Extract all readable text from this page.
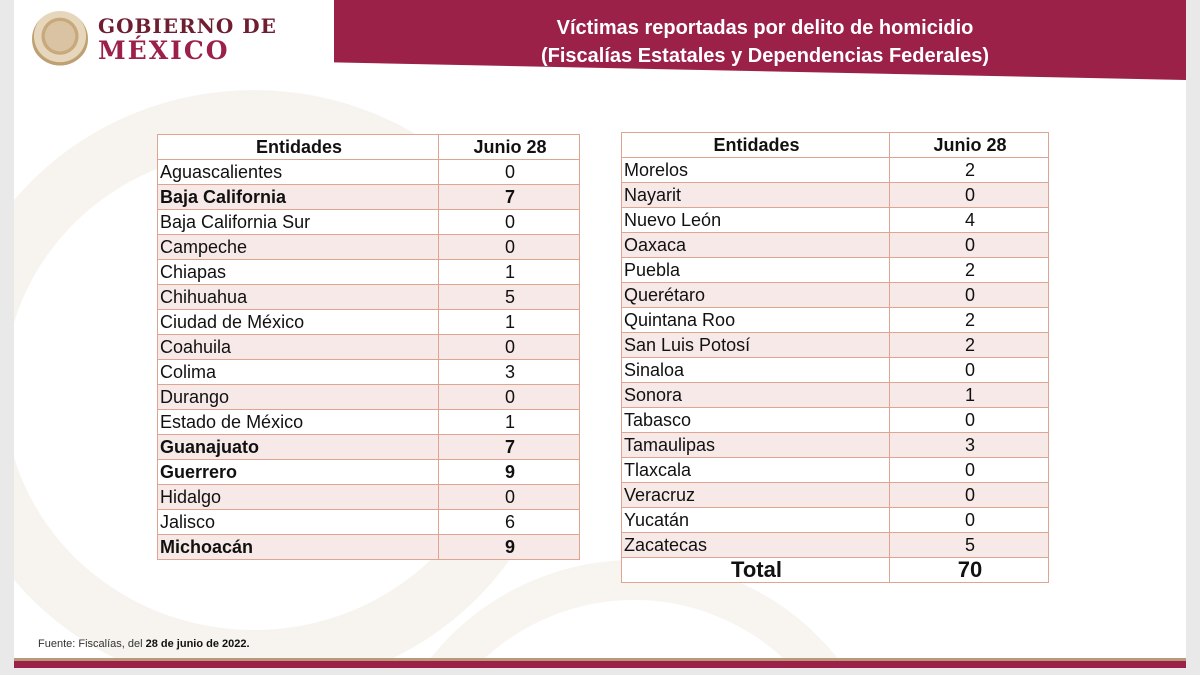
GOBIERNO DE
MÉXICO
Víctimas reportadas por delito de homicidio
(Fiscalías Estatales y Dependencias Federales)
Entidades	Junio 28
Aguascalientes	0
Baja California	7
Baja California Sur	0
Campeche	0
Chiapas	1
Chihuahua	5
Ciudad de México	1
Coahuila	0
Colima	3
Durango	0
Estado de México	1
Guanajuato	7
Guerrero	9
Hidalgo	0
Jalisco	6
Michoacán	9
Entidades	Junio 28
Morelos	2
Nayarit	0
Nuevo León	4
Oaxaca	0
Puebla	2
Querétaro	0
Quintana Roo	2
San Luis Potosí	2
Sinaloa	0
Sonora	1
Tabasco	0
Tamaulipas	3
Tlaxcala	0
Veracruz	0
Yucatán	0
Zacatecas	5
Total	70
Fuente: Fiscalías, del 28 de junio de 2022.
